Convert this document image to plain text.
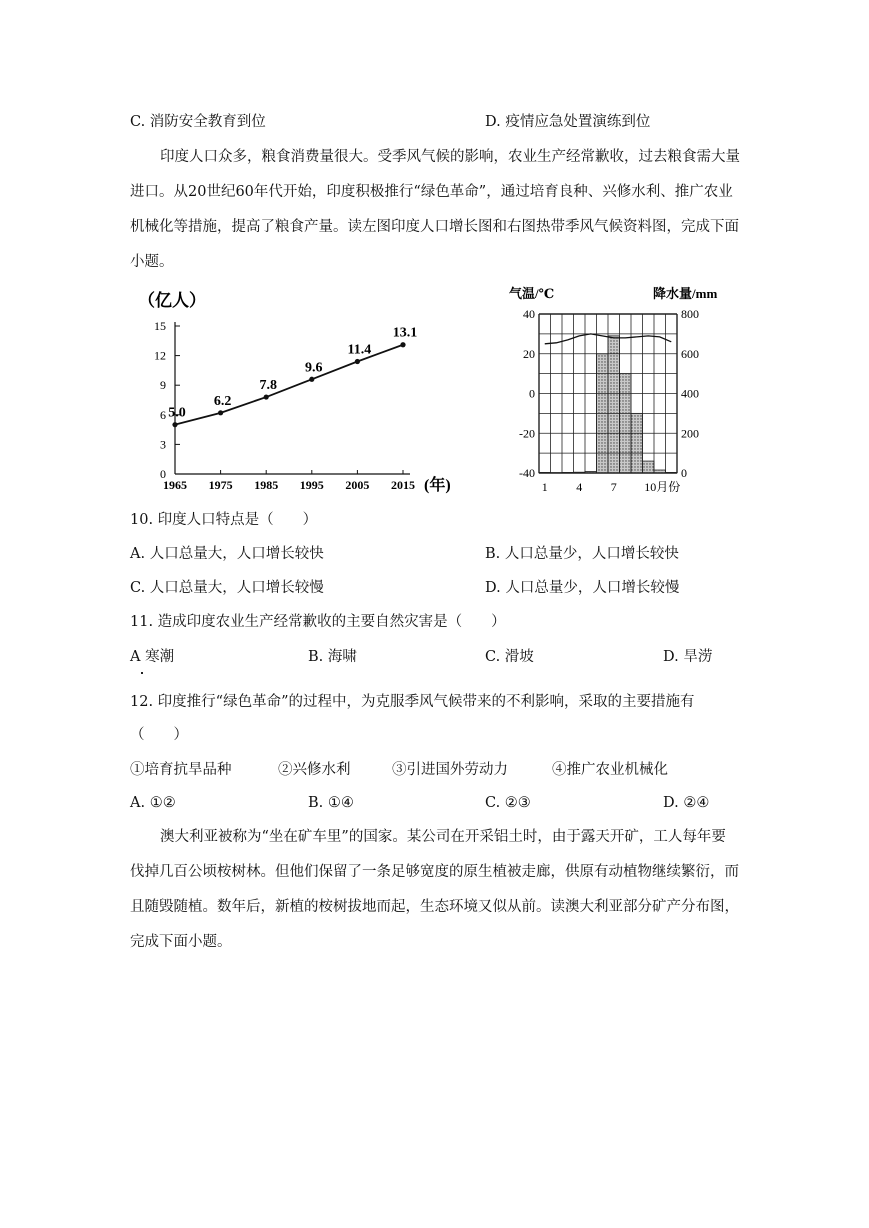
C. 消防安全教育到位	D. 疫情应急处置演练到位
印度人口众多，粮食消费量很大。受季风气候的影响，农业生产经常歉收，过去粮食需大量进口。从20世纪60年代开始，印度积极推行“绿色革命”，通过培育良种、兴修水利、推广农业机械化等措施，提高了粮食产量。读左图印度人口增长图和右图热带季风气候资料图，完成下面小题。
（亿人）
0
3
6
9
12
15
1965 1975 1985 1995 2005 2015 (年)
5.0
6.2
7.8
9.6
11.4
13.1
气温/℃	降水量/mm
40
20
0
-20
-40
800
600
400
200
0
1 4 7 10月份
10. 印度人口特点是（　　）
A. 人口总量大，人口增长较快	B. 人口总量少，人口增长较快
C. 人口总量大，人口增长较慢	D. 人口总量少，人口增长较慢
11. 造成印度农业生产经常歉收的主要自然灾害是（　　）
A 寒潮	B. 海啸	C. 滑坡	D. 旱涝
12. 印度推行“绿色革命”的过程中，为克服季风气候带来的不利影响，采取的主要措施有
（　　）
①培育抗旱品种	②兴修水利	③引进国外劳动力	④推广农业机械化
A. ①②	B. ①④	C. ②③	D. ②④
澳大利亚被称为“坐在矿车里”的国家。某公司在开采铝土时，由于露天开矿，工人每年要伐掉几百公顷桉树林。但他们保留了一条足够宽度的原生植被走廊，供原有动植物继续繁衍，而且随毁随植。数年后，新植的桉树拔地而起，生态环境又似从前。读澳大利亚部分矿产分布图，完成下面小题。
